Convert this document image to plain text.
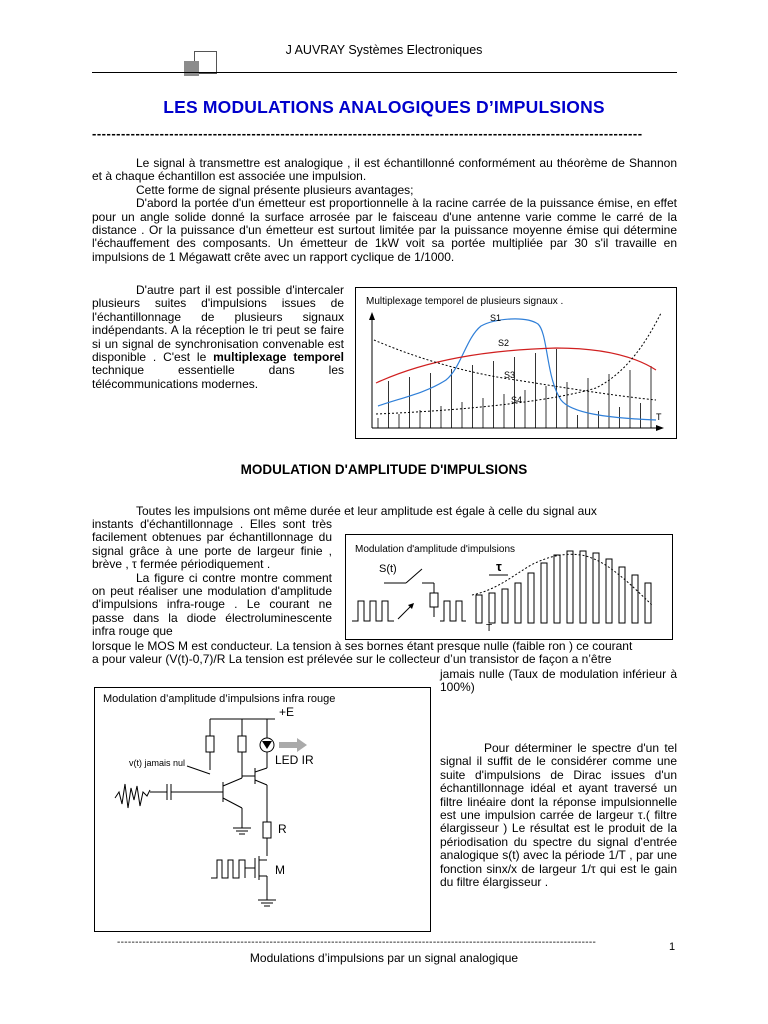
J AUVRAY Systèmes Electroniques
LES MODULATIONS ANALOGIQUES D’IMPULSIONS
------------------------------------------------------------------------------------------------------------------
Le signal à transmettre est analogique , il est échantillonné conformément au théorème de Shannon et à chaque échantillon est associée une impulsion.
Cette forme de signal présente plusieurs avantages;
D'abord la portée d'un émetteur est proportionnelle à la racine carrée de la puissance émise, en effet pour un angle solide donné la surface arrosée par le faisceau d'une antenne varie comme le carré de la distance . Or la puissance d'un émetteur est surtout limitée par la puissance moyenne émise qui détermine l'échauffement des composants. Un émetteur de 1kW voit sa portée multipliée par 30 s'il travaille en impulsions de 1 Mégawatt crête avec un rapport cyclique de 1/1000.
D'autre part il est possible d'intercaler plusieurs suites d'impulsions issues de l'échantillonnage de plusieurs signaux indépendants. A la réception le tri peut se faire si un signal de synchronisation convenable est disponible . C'est le multiplexage temporel technique essentielle dans les télécommunications modernes.
Multiplexage temporel de plusieurs signaux .
S1
S2
S3
S4
T
MODULATION D'AMPLITUDE D'IMPULSIONS
Toutes les impulsions ont même durée et leur amplitude est égale à celle du signal aux
instants d'échantillonnage . Elles sont très facilement obtenues par échantillonnage du signal grâce à une porte de largeur finie , brève , τ fermée périodiquement .
La figure ci contre montre comment on peut réaliser une modulation d'amplitude d'impulsions infra-rouge . Le courant ne passe dans la diode électroluminescente infra rouge que
Modulation d'amplitude d'impulsions
S(t)	τ
T
lorsque le MOS M est conducteur. La tension à ses bornes étant presque nulle (faible ron ) ce courant
a pour valeur (V(t)-0,7)/R La tension est prélevée sur le collecteur d’un transistor de façon a n’être
jamais nulle (Taux de modulation inférieur à 100%)
Modulation d’amplitude d’impulsions infra rouge
+E
LED IR
v(t) jamais nul
R
M
Pour déterminer le spectre d'un tel signal il suffit de le considérer comme une suite d'impulsions de Dirac issues d'un échantillonnage idéal et ayant traversé un filtre linéaire dont la réponse impulsionnelle est une impulsion carrée de largeur τ.( filtre élargisseur ) Le résultat est le produit de la périodisation du spectre du signal d'entrée analogique s(t) avec la période 1/T , par une fonction sinx/x de largeur 1/τ qui est le gain du filtre élargisseur .
------------------------------------------------------------------------------------------------------------------------------------	1
Modulations d’impulsions par un signal analogique
